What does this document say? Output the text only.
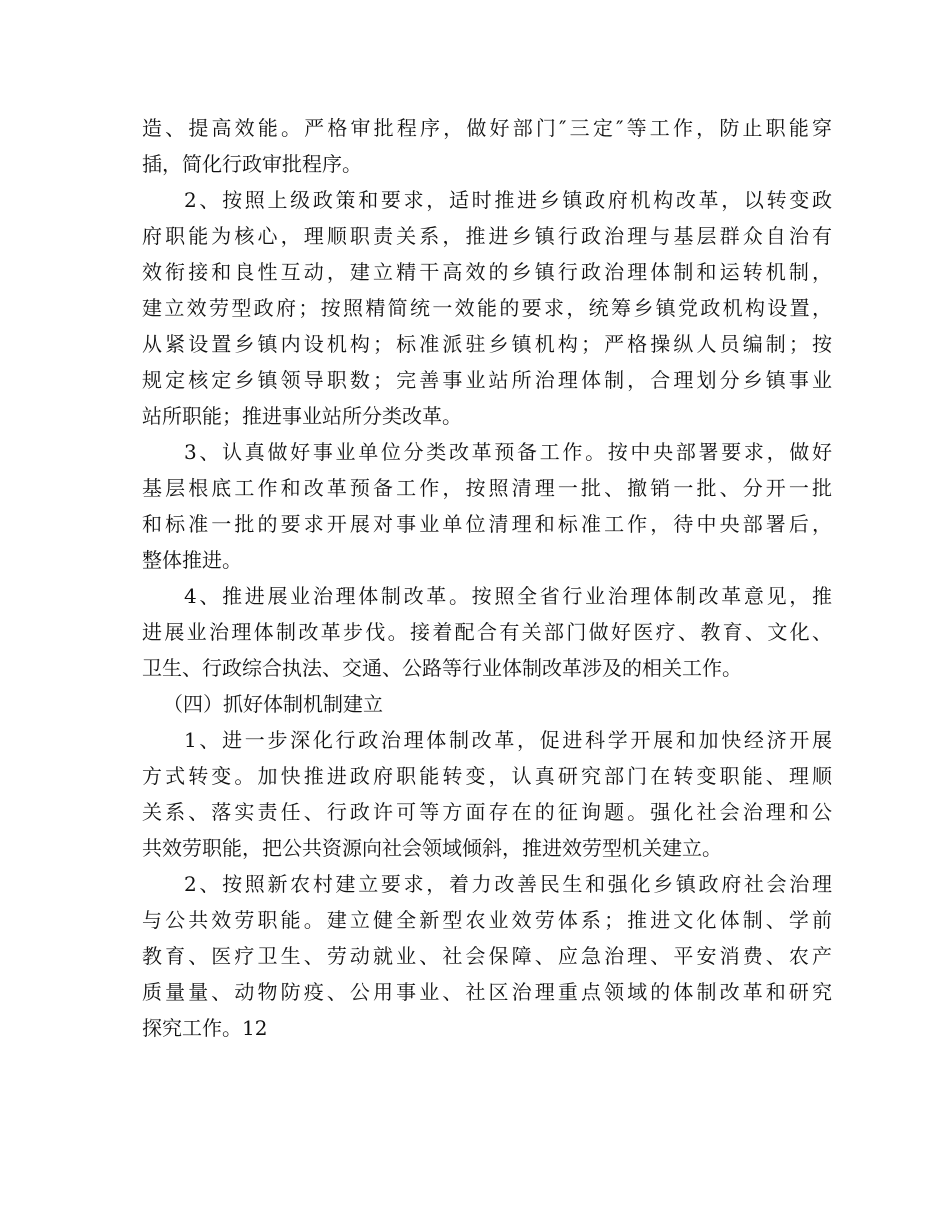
造、提高效能。严格审批程序，做好部门″三定″等工作，防止职能穿
插，简化行政审批程序。
2、按照上级政策和要求，适时推进乡镇政府机构改革，以转变政
府职能为核心，理顺职责关系，推进乡镇行政治理与基层群众自治有
效衔接和良性互动，建立精干高效的乡镇行政治理体制和运转机制，
建立效劳型政府；按照精简统一效能的要求，统筹乡镇党政机构设置，
从紧设置乡镇内设机构；标准派驻乡镇机构；严格操纵人员编制；按
规定核定乡镇领导职数；完善事业站所治理体制，合理划分乡镇事业
站所职能；推进事业站所分类改革。
3、认真做好事业单位分类改革预备工作。按中央部署要求，做好
基层根底工作和改革预备工作，按照清理一批、撤销一批、分开一批
和标准一批的要求开展对事业单位清理和标准工作，待中央部署后，
整体推进。
4、推进展业治理体制改革。按照全省行业治理体制改革意见，推
进展业治理体制改革步伐。接着配合有关部门做好医疗、教育、文化、
卫生、行政综合执法、交通、公路等行业体制改革涉及的相关工作。
（四）抓好体制机制建立
1、进一步深化行政治理体制改革，促进科学开展和加快经济开展
方式转变。加快推进政府职能转变，认真研究部门在转变职能、理顺
关系、落实责任、行政许可等方面存在的征询题。强化社会治理和公
共效劳职能，把公共资源向社会领域倾斜，推进效劳型机关建立。
2、按照新农村建立要求，着力改善民生和强化乡镇政府社会治理
与公共效劳职能。建立健全新型农业效劳体系；推进文化体制、学前
教育、医疗卫生、劳动就业、社会保障、应急治理、平安消费、农产
质量量、动物防疫、公用事业、社区治理重点领域的体制改革和研究
探究工作。12
